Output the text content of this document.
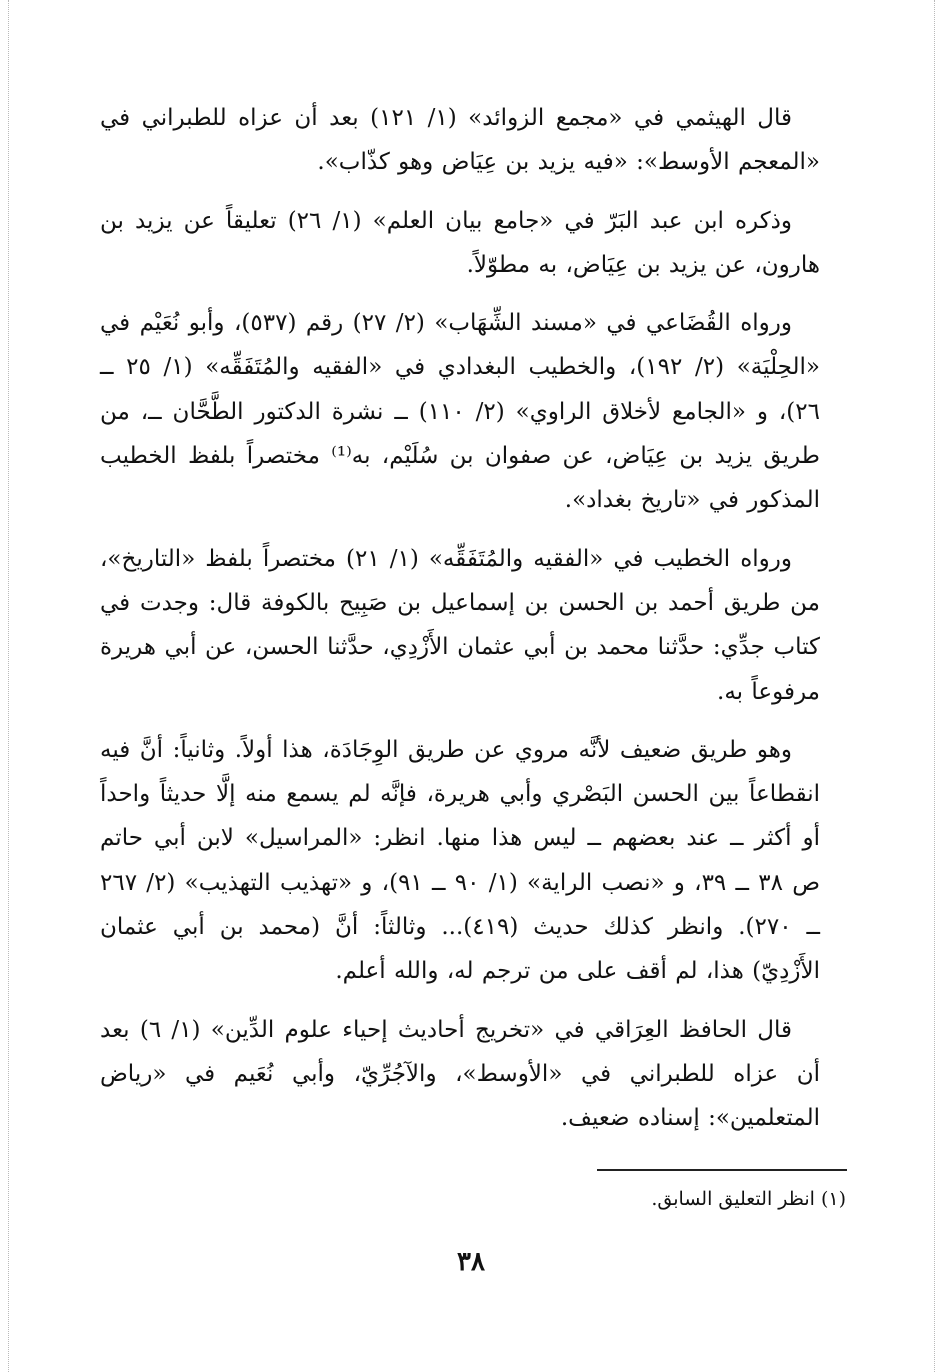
قال الهيثمي في «مجمع الزوائد» (١/ ١٢١) بعد أن عزاه للطبراني في «المعجم الأوسط»: «فيه يزيد بن عِيَاض وهو كذّاب».

وذكره ابن عبد البَرّ في «جامع بيان العلم» (١/ ٢٦) تعليقاً عن يزيد بن هارون، عن يزيد بن عِيَاض، به مطوّلاً.

ورواه القُضَاعي في «مسند الشِّهَاب» (٢/ ٢٧) رقم (٥٣٧)، وأبو نُعَيْم في «الحِلْيَة» (٢/ ١٩٢)، والخطيب البغدادي في «الفقيه والمُتَفَقِّه» (١/ ٢٥ ــ ٢٦)، و «الجامع لأخلاق الراوي» (٢/ ١١٠) ــ نشرة الدكتور الطَّحَّان ــ، من طريق يزيد بن عِيَاض، عن صفوان بن سُلَيْم، به⁽¹⁾ مختصراً بلفظ الخطيب المذكور في «تاريخ بغداد».

ورواه الخطيب في «الفقيه والمُتَفَقِّه» (١/ ٢١) مختصراً بلفظ «التاريخ»، من طريق أحمد بن الحسن بن إسماعيل بن صَبِيح بالكوفة قال: وجدت في كتاب جدِّي: حدَّثنا محمد بن أبي عثمان الأَزْدِي، حدَّثنا الحسن، عن أبي هريرة مرفوعاً به.

وهو طريق ضعيف لأنَّه مروي عن طريق الوِجَادَة، هذا أولاً. وثانياً: أنَّ فيه انقطاعاً بين الحسن البَصْري وأبي هريرة، فإنَّه لم يسمع منه إلَّا حديثاً واحداً أو أكثر ــ عند بعضهم ــ ليس هذا منها. انظر: «المراسيل» لابن أبي حاتم ص ٣٨ ــ ٣٩، و «نصب الراية» (١/ ٩٠ ــ ٩١)، و «تهذيب التهذيب» (٢/ ٢٦٧ ــ ٢٧٠). وانظر كذلك حديث (٤١٩)... وثالثاً: أنَّ (محمد بن أبي عثمان الأَزْدِيّ) هذا، لم أقف على من ترجم له، والله أعلم.

قال الحافظ العِرَاقي في «تخريج أحاديث إحياء علوم الدِّين» (١/ ٦) بعد أن عزاه للطبراني في «الأوسط»، والآجُرِّيّ، وأبي نُعَيم في «رياض المتعلمين»: إسناده ضعيف.

(١) انظر التعليق السابق.
٣٨
